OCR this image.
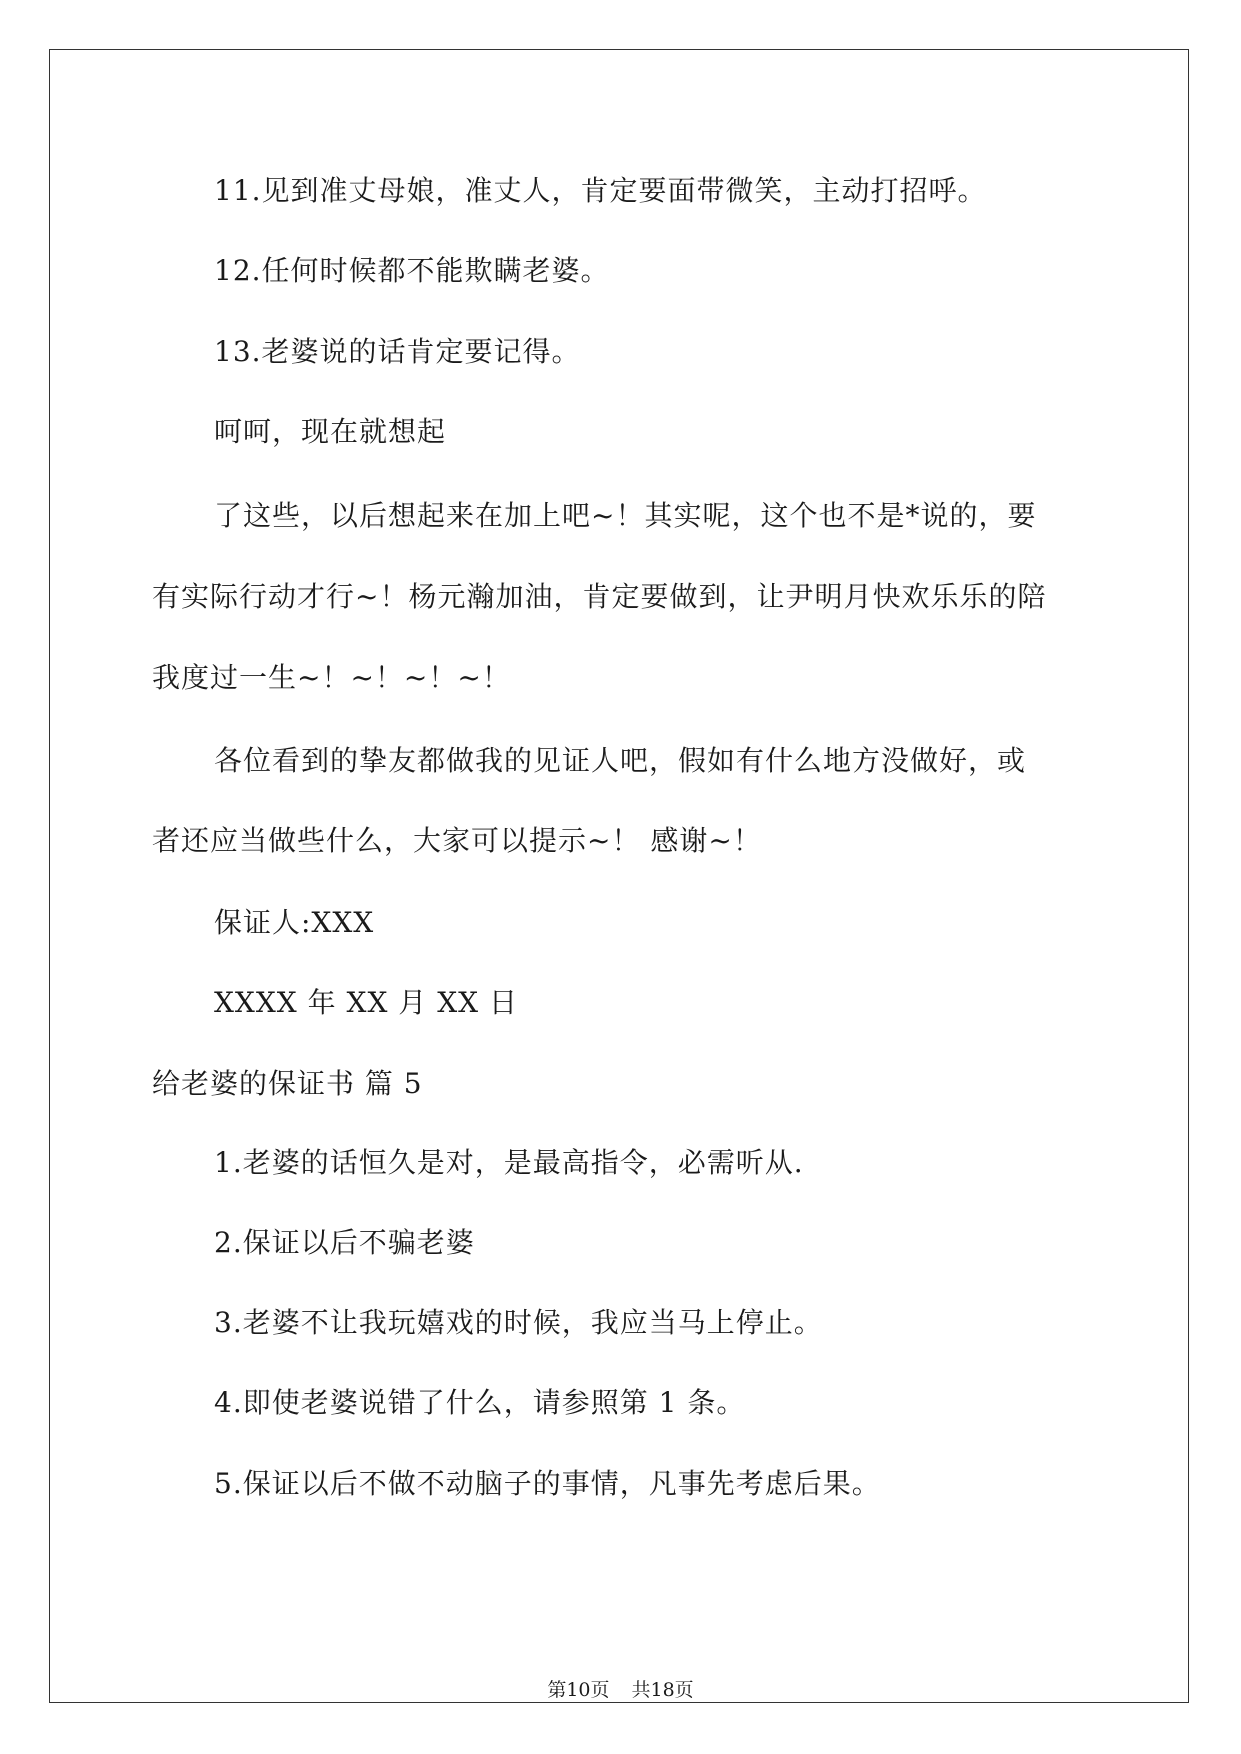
11.见到准丈母娘，准丈人，肯定要面带微笑，主动打招呼。
12.任何时候都不能欺瞒老婆。
13.老婆说的话肯定要记得。
呵呵，现在就想起
了这些，以后想起来在加上吧~！其实呢，这个也不是*说的，要
有实际行动才行~！杨元瀚加油，肯定要做到，让尹明月快欢乐乐的陪
我度过一生~！~！~！~！
各位看到的挚友都做我的见证人吧，假如有什么地方没做好，或
者还应当做些什么，大家可以提示~！ 感谢~！
保证人:XXX
XXXX 年 XX 月 XX 日
给老婆的保证书 篇 5
1.老婆的话恒久是对，是最高指令，必需听从.
2.保证以后不骗老婆
3.老婆不让我玩嬉戏的时候，我应当马上停止。
4.即使老婆说错了什么，请参照第 1 条。
5.保证以后不做不动脑子的事情，凡事先考虑后果。
第10页 共18页
